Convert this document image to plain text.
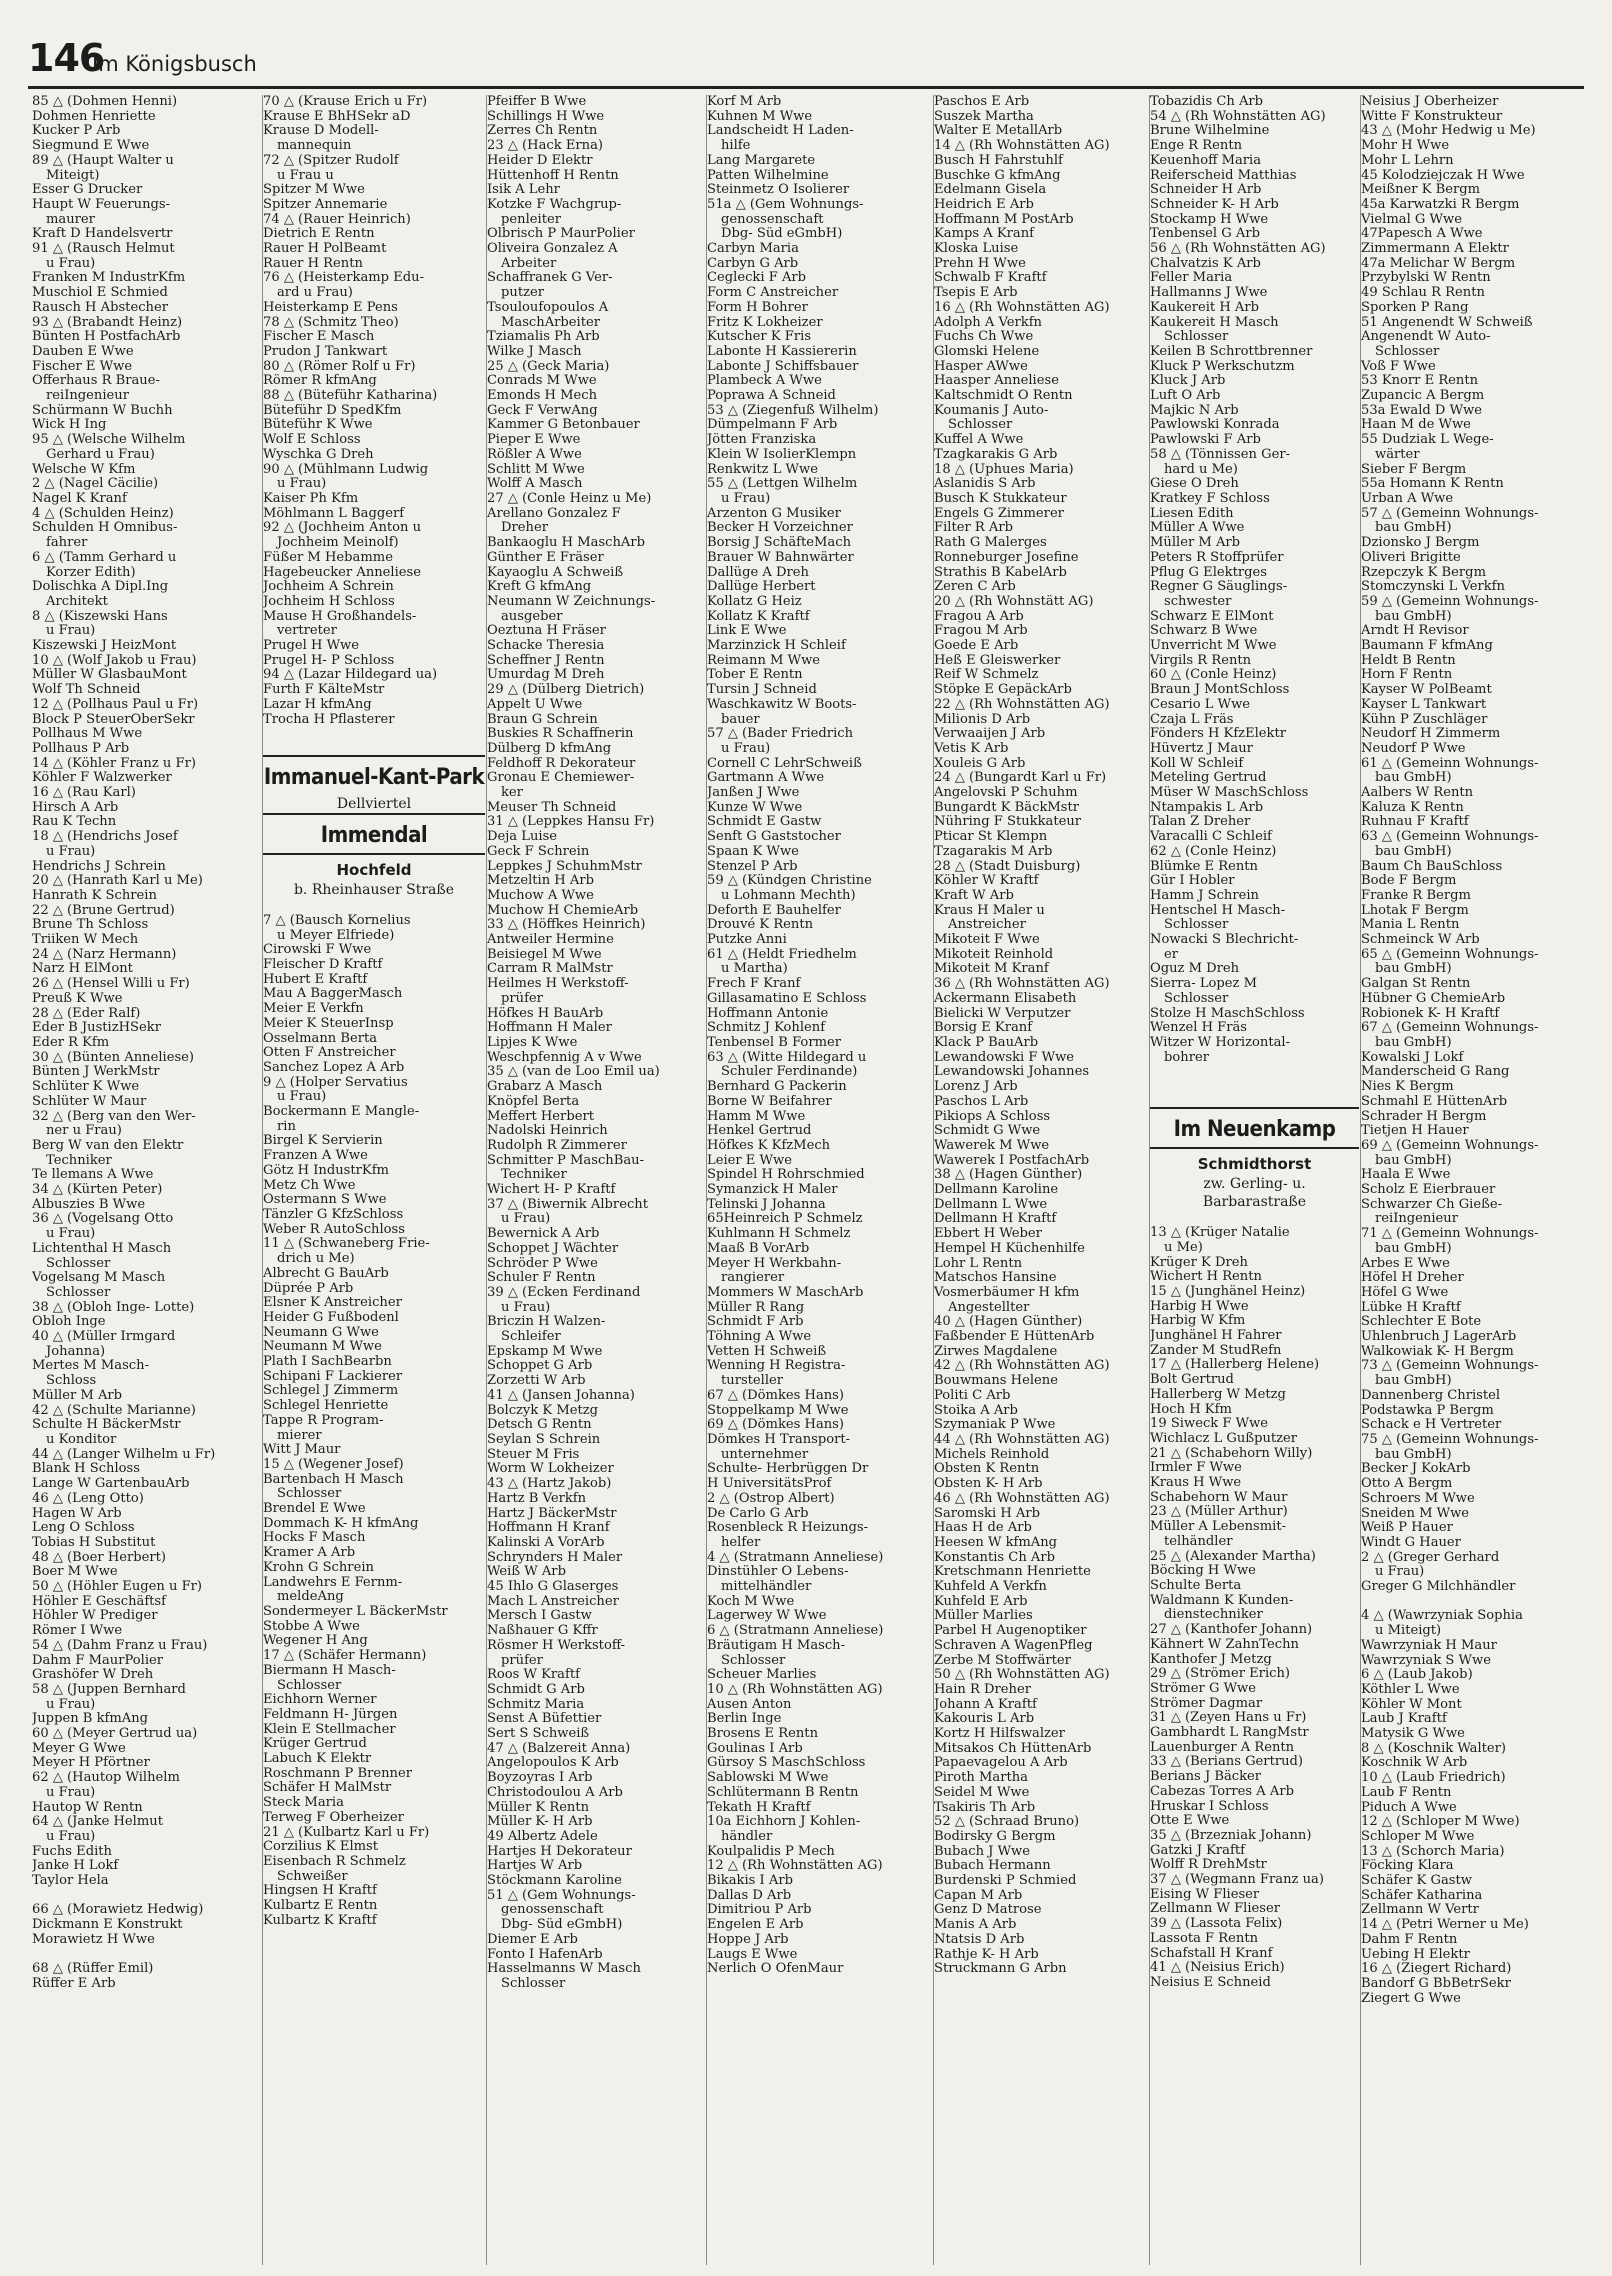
146
Im Königsbusch
85 △ (Dohmen Henni)
Dohmen Henriette
Kucker P Arb
Siegmund E Wwe
89 △ (Haupt Walter u
Miteigt)
Esser G Drucker
Haupt W Feuerungs-
maurer
Kraft D Handelsvertr
91 △ (Rausch Helmut
u Frau)
Franken M IndustrKfm
Muschiol E Schmied
Rausch H Abstecher
93 △ (Brabandt Heinz)
Bünten H PostfachArb
Dauben E Wwe
Fischer E Wwe
Offerhaus R Braue-
reiIngenieur
Schürmann W Buchh
Wick H Ing
95 △ (Welsche Wilhelm
Gerhard u Frau)
Welsche W Kfm
2 △ (Nagel Cäcilie)
Nagel K Kranf
4 △ (Schulden Heinz)
Schulden H Omnibus-
fahrer
6 △ (Tamm Gerhard u
Korzer Edith)
Dolischka A Dipl.Ing
Architekt
8 △ (Kiszewski Hans
u Frau)
Kiszewski J HeizMont
10 △ (Wolf Jakob u Frau)
Müller W GlasbauMont
Wolf Th Schneid
12 △ (Pollhaus Paul u Fr)
Block P SteuerOberSekr
Pollhaus M Wwe
Pollhaus P Arb
14 △ (Köhler Franz u Fr)
Köhler F Walzwerker
16 △ (Rau Karl)
Hirsch A Arb
Rau K Techn
18 △ (Hendrichs Josef
u Frau)
Hendrichs J Schrein
20 △ (Hanrath Karl u Me)
Hanrath K Schrein
22 △ (Brune Gertrud)
Brune Th Schloss
Triiken W Mech
24 △ (Narz Hermann)
Narz H ElMont
26 △ (Hensel Willi u Fr)
Preuß K Wwe
28 △ (Eder Ralf)
Eder B JustizHSekr
Eder R Kfm
30 △ (Bünten Anneliese)
Bünten J WerkMstr
Schlüter K Wwe
Schlüter W Maur
32 △ (Berg van den Wer-
ner u Frau)
Berg W van den Elektr
Techniker
Te llemans A Wwe
34 △ (Kürten Peter)
Albuszies B Wwe
36 △ (Vogelsang Otto
u Frau)
Lichtenthal H Masch
Schlosser
Vogelsang M Masch
Schlosser
38 △ (Obloh Inge- Lotte)
Obloh Inge
40 △ (Müller Irmgard
Johanna)
Mertes M Masch-
Schloss
Müller M Arb
42 △ (Schulte Marianne)
Schulte H BäckerMstr
u Konditor
44 △ (Langer Wilhelm u Fr)
Blank H Schloss
Lange W GartenbauArb
46 △ (Leng Otto)
Hagen W Arb
Leng O Schloss
Tobias H Substitut
48 △ (Boer Herbert)
Boer M Wwe
50 △ (Höhler Eugen u Fr)
Höhler E Geschäftsf
Höhler W Prediger
Römer I Wwe
54 △ (Dahm Franz u Frau)
Dahm F MaurPolier
Grashöfer W Dreh
58 △ (Juppen Bernhard
u Frau)
Juppen B kfmAng
60 △ (Meyer Gertrud ua)
Meyer G Wwe
Meyer H Pförtner
62 △ (Hautop Wilhelm
u Frau)
Hautop W Rentn
64 △ (Janke Helmut
u Frau)
Fuchs Edith
Janke H Lokf
Taylor Hela

66 △ (Morawietz Hedwig)
Dickmann E Konstrukt
Morawietz H Wwe

68 △ (Rüffer Emil)
Rüffer E Arb
70 △ (Krause Erich u Fr)
Krause E BhHSekr aD
Krause D Modell-
mannequin
72 △ (Spitzer Rudolf
u Frau u
Spitzer M Wwe
Spitzer Annemarie
74 △ (Rauer Heinrich)
Dietrich E Rentn
Rauer H PolBeamt
Rauer H Rentn
76 △ (Heisterkamp Edu-
ard u Frau)
Heisterkamp E Pens
78 △ (Schmitz Theo)
Fischer E Masch
Prudon J Tankwart
80 △ (Römer Rolf u Fr)
Römer R kfmAng
88 △ (Büteführ Katharina)
Büteführ D SpedKfm
Büteführ K Wwe
Wolf E Schloss
Wyschka G Dreh
90 △ (Mühlmann Ludwig
u Frau)
Kaiser Ph Kfm
Möhlmann L Baggerf
92 △ (Jochheim Anton u
Jochheim Meinolf)
Füßer M Hebamme
Hagebeucker Anneliese
Jochheim A Schrein
Jochheim H Schloss
Mause H Großhandels-
vertreter
Prugel H Wwe
Prugel H- P Schloss
94 △ (Lazar Hildegard ua)
Furth F KälteMstr
Lazar H kfmAng
Trocha H Pflasterer

Immanuel-Kant-Park
Dellviertel

Immendal

Hochfeld
b. Rheinhauser Straße

7 △ (Bausch Kornelius
u Meyer Elfriede)
Cirowski F Wwe
Fleischer D Kraftf
Hubert E Kraftf
Mau A BaggerMasch
Meier E Verkfn
Meier K SteuerInsp
Osselmann Berta
Otten F Anstreicher
Sanchez Lopez A Arb
9 △ (Holper Servatius
u Frau)
Bockermann E Mangle-
rin
Birgel K Servierin
Franzen A Wwe
Götz H IndustrKfm
Metz Ch Wwe
Ostermann S Wwe
Tänzler G KfzSchloss
Weber R AutoSchloss
11 △ (Schwaneberg Frie-
drich u Me)
Albrecht G BauArb
Düprée P Arb
Elsner K Anstreicher
Heider G Fußbodenl
Neumann G Wwe
Neumann M Wwe
Plath I SachBearbn
Schipani F Lackierer
Schlegel J Zimmerm
Schlegel Henriette
Tappe R Program-
mierer
Witt J Maur
15 △ (Wegener Josef)
Bartenbach H Masch
Schlosser
Brendel E Wwe
Dommach K- H kfmAng
Hocks F Masch
Kramer A Arb
Krohn G Schrein
Landwehrs E Fernm-
meldeAng
Sondermeyer L BäckerMstr
Stobbe A Wwe
Wegener H Ang
17 △ (Schäfer Hermann)
Biermann H Masch-
Schlosser
Eichhorn Werner
Feldmann H- Jürgen
Klein E Stellmacher
Krüger Gertrud
Labuch K Elektr
Roschmann P Brenner
Schäfer H MalMstr
Steck Maria
Terweg F Oberheizer
21 △ (Kulbartz Karl u Fr)
Corzilius K Elmst
Eisenbach R Schmelz
Schweißer
Hingsen H Kraftf
Kulbartz E Rentn
Kulbartz K Kraftf
Pfeiffer B Wwe
Schillings H Wwe
Zerres Ch Rentn
23 △ (Hack Erna)
Heider D Elektr
Hüttenhoff H Rentn
Isik A Lehr
Kotzke F Wachgrup-
penleiter
Olbrisch P MaurPolier
Oliveira Gonzalez A
Arbeiter
Schaffranek G Ver-
putzer
Tsouloufopoulos A
MaschArbeiter
Tziamalis Ph Arb
Wilke J Masch
25 △ (Geck Maria)
Conrads M Wwe
Emonds H Mech
Geck F VerwAng
Kammer G Betonbauer
Pieper E Wwe
Rößler A Wwe
Schlitt M Wwe
Wolff A Masch
27 △ (Conle Heinz u Me)
Arellano Gonzalez F
Dreher
Bankaoglu H MaschArb
Günther E Fräser
Kayaoglu A Schweiß
Kreft G kfmAng
Neumann W Zeichnungs-
ausgeber
Oeztuna H Fräser
Schacke Theresia
Scheffner J Rentn
Umurdag M Dreh
29 △ (Dülberg Dietrich)
Appelt U Wwe
Braun G Schrein
Buskies R Schaffnerin
Dülberg D kfmAng
Feldhoff R Dekorateur
Gronau E Chemiewer-
ker
Meuser Th Schneid
31 △ (Leppkes Hansu Fr)
Deja Luise
Geck F Schrein
Leppkes J SchuhmMstr
Metzeltin H Arb
Muchow A Wwe
Muchow H ChemieArb
33 △ (Höffkes Heinrich)
Antweiler Hermine
Beisiegel M Wwe
Carram R MalMstr
Heilmes H Werkstoff-
prüfer
Höfkes H BauArb
Hoffmann H Maler
Lipjes K Wwe
Weschpfennig A v Wwe
35 △ (van de Loo Emil ua)
Grabarz A Masch
Knöpfel Berta
Meffert Herbert
Nadolski Heinrich
Rudolph R Zimmerer
Schmitter P MaschBau-
Techniker
Wichert H- P Kraftf
37 △ (Biwernik Albrecht
u Frau)
Bewernick A Arb
Schoppet J Wächter
Schröder P Wwe
Schuler F Rentn
39 △ (Ecken Ferdinand
u Frau)
Briczin H Walzen-
Schleifer
Epskamp M Wwe
Schoppet G Arb
Zorzetti W Arb
41 △ (Jansen Johanna)
Bolczyk K Metzg
Detsch G Rentn
Seylan S Schrein
Steuer M Fris
Worm W Lokheizer
43 △ (Hartz Jakob)
Hartz B Verkfn
Hartz J BäckerMstr
Hoffmann H Kranf
Kalinski A VorArb
Schrynders H Maler
Weiß W Arb
45 Ihlo G Glaserges
Mach L Anstreicher
Mersch I Gastw
Naßhauer G Kffr
Rösmer H Werkstoff-
prüfer
Roos W Kraftf
Schmidt G Arb
Schmitz Maria
Senst A Büfettier
Sert S Schweiß
47 △ (Balzereit Anna)
Angelopoulos K Arb
Boyzoyras I Arb
Christodoulou A Arb
Müller K Rentn
Müller K- H Arb
49 Albertz Adele
Hartjes H Dekorateur
Hartjes W Arb
Stöckmann Karoline
51 △ (Gem Wohnungs-
genossenschaft
Dbg- Süd eGmbH)
Diemer E Arb
Fonto I HafenArb
Hasselmanns W Masch
Schlosser
Korf M Arb
Kuhnen M Wwe
Landscheidt H Laden-
hilfe
Lang Margarete
Patten Wilhelmine
Steinmetz O Isolierer
51a △ (Gem Wohnungs-
genossenschaft
Dbg- Süd eGmbH)
Carbyn Maria
Carbyn G Arb
Ceglecki F Arb
Form C Anstreicher
Form H Bohrer
Fritz K Lokheizer
Kutscher K Fris
Labonte H Kassiererin
Labonte J Schiffsbauer
Plambeck A Wwe
Poprawa A Schneid
53 △ (Ziegenfuß Wilhelm)
Dümpelmann F Arb
Jötten Franziska
Klein W IsolierKlempn
Renkwitz L Wwe
55 △ (Lettgen Wilhelm
u Frau)
Arzenton G Musiker
Becker H Vorzeichner
Borsig J SchäfteMach
Brauer W Bahnwärter
Dallüge A Dreh
Dallüge Herbert
Kollatz G Heiz
Kollatz K Kraftf
Link E Wwe
Marzinzick H Schleif
Reimann M Wwe
Tober E Rentn
Tursin J Schneid
Waschkawitz W Boots-
bauer
57 △ (Bader Friedrich
u Frau)
Cornell C LehrSchweiß
Gartmann A Wwe
Janßen J Wwe
Kunze W Wwe
Schmidt E Gastw
Senft G Gaststocher
Spaan K Wwe
Stenzel P Arb
59 △ (Kündgen Christine
u Lohmann Mechth)
Deforth E Bauhelfer
Drouvé K Rentn
Putzke Anni
61 △ (Heldt Friedhelm
u Martha)
Frech F Kranf
Gillasamatino E Schloss
Hoffmann Antonie
Schmitz J Kohlenf
Tenbensel B Former
63 △ (Witte Hildegard u
Schuler Ferdinande)
Bernhard G Packerin
Borne W Beifahrer
Hamm M Wwe
Henkel Gertrud
Höfkes K KfzMech
Leier E Wwe
Spindel H Rohrschmied
Symanzick H Maler
Telinski J Johanna
65Heinreich P Schmelz
Kuhlmann H Schmelz
Maaß B VorArb
Meyer H Werkbahn-
rangierer
Mommers W MaschArb
Müller R Rang
Schmidt F Arb
Töhning A Wwe
Vetten H Schweiß
Wenning H Registra-
tursteller
67 △ (Dömkes Hans)
Stoppelkamp M Wwe
69 △ (Dömkes Hans)
Dömkes H Transport-
unternehmer
Schulte- Herbrüggen Dr
H UniversitätsProf
2 △ (Ostrop Albert)
De Carlo G Arb
Rosenbleck R Heizungs-
helfer
4 △ (Stratmann Anneliese)
Dinstühler O Lebens-
mittelhändler
Koch M Wwe
Lagerwey W Wwe
6 △ (Stratmann Anneliese)
Bräutigam H Masch-
Schlosser
Scheuer Marlies
10 △ (Rh Wohnstätten AG)
Ausen Anton
Berlin Inge
Brosens E Rentn
Goulinas I Arb
Gürsoy S MaschSchloss
Sablowski M Wwe
Schlütermann B Rentn
Tekath H Kraftf
10a Eichhorn J Kohlen-
händler
Koulpalidis P Mech
12 △ (Rh Wohnstätten AG)
Bikakis I Arb
Dallas D Arb
Dimitriou P Arb
Engelen E Arb
Hoppe J Arb
Laugs E Wwe
Nerlich O OfenMaur
Paschos E Arb
Suszek Martha
Walter E MetallArb
14 △ (Rh Wohnstätten AG)
Busch H Fahrstuhlf
Buschke G kfmAng
Edelmann Gisela
Heidrich E Arb
Hoffmann M PostArb
Kamps A Kranf
Kloska Luise
Prehn H Wwe
Schwalb F Kraftf
Tsepis E Arb
16 △ (Rh Wohnstätten AG)
Adolph A Verkfn
Fuchs Ch Wwe
Glomski Helene
Hasper AWwe
Haasper Anneliese
Kaltschmidt O Rentn
Koumanis J Auto-
Schlosser
Kuffel A Wwe
Tzagkarakis G Arb
18 △ (Uphues Maria)
Aslanidis S Arb
Busch K Stukkateur
Engels G Zimmerer
Filter R Arb
Rath G Malerges
Ronneburger Josefine
Strathis B KabelArb
Zeren C Arb
20 △ (Rh Wohnstätt AG)
Fragou A Arb
Fragou M Arb
Goede E Arb
Heß E Gleiswerker
Reif W Schmelz
Stöpke E GepäckArb
22 △ (Rh Wohnstätten AG)
Milionis D Arb
Verwaaijen J Arb
Vetis K Arb
Xouleis G Arb
24 △ (Bungardt Karl u Fr)
Angelovski P Schuhm
Bungardt K BäckMstr
Nühring F Stukkateur
Pticar St Klempn
Tzagarakis M Arb
28 △ (Stadt Duisburg)
Köhler W Kraftf
Kraft W Arb
Kraus H Maler u
Anstreicher
Mikoteit F Wwe
Mikoteit Reinhold
Mikoteit M Kranf
36 △ (Rh Wohnstätten AG)
Ackermann Elisabeth
Bielicki W Verputzer
Borsig E Kranf
Klack P BauArb
Lewandowski F Wwe
Lewandowski Johannes
Lorenz J Arb
Paschos L Arb
Pikiops A Schloss
Schmidt G Wwe
Wawerek M Wwe
Wawerek I PostfachArb
38 △ (Hagen Günther)
Dellmann Karoline
Dellmann L Wwe
Dellmann H Kraftf
Ebbert H Weber
Hempel H Küchenhilfe
Lohr L Rentn
Matschos Hansine
Vosmerbäumer H kfm
Angestellter
40 △ (Hagen Günther)
Faßbender E HüttenArb
Zirwes Magdalene
42 △ (Rh Wohnstätten AG)
Bouwmans Helene
Politi C Arb
Stoika A Arb
Szymaniak P Wwe
44 △ (Rh Wohnstätten AG)
Michels Reinhold
Obsten K Rentn
Obsten K- H Arb
46 △ (Rh Wohnstätten AG)
Saromski H Arb
Haas H de Arb
Heesen W kfmAng
Konstantis Ch Arb
Kretschmann Henriette
Kuhfeld A Verkfn
Kuhfeld E Arb
Müller Marlies
Parbel H Augenoptiker
Schraven A WagenPfleg
Zerbe M Stoffwärter
50 △ (Rh Wohnstätten AG)
Hain R Dreher
Johann A Kraftf
Kakouris L Arb
Kortz H Hilfswalzer
Mitsakos Ch HüttenArb
Papaevagelou A Arb
Piroth Martha
Seidel M Wwe
Tsakiris Th Arb
52 △ (Schraad Bruno)
Bodirsky G Bergm
Bubach J Wwe
Bubach Hermann
Burdenski P Schmied
Capan M Arb
Genz D Matrose
Manis A Arb
Ntatsis D Arb
Rathje K- H Arb
Struckmann G Arbn
Tobazidis Ch Arb
54 △ (Rh Wohnstätten AG)
Brune Wilhelmine
Enge R Rentn
Keuenhoff Maria
Reiferscheid Matthias
Schneider H Arb
Schneider K- H Arb
Stockamp H Wwe
Tenbensel G Arb
56 △ (Rh Wohnstätten AG)
Chalvatzis K Arb
Feller Maria
Hallmanns J Wwe
Kaukereit H Arb
Kaukereit H Masch
Schlosser
Keilen B Schrottbrenner
Kluck P Werkschutzm
Kluck J Arb
Luft O Arb
Majkic N Arb
Pawlowski Konrada
Pawlowski F Arb
58 △ (Tönnissen Ger-
hard u Me)
Giese O Dreh
Kratkey F Schloss
Liesen Edith
Müller A Wwe
Müller M Arb
Peters R Stoffprüfer
Pflug G Elektrges
Regner G Säuglings-
schwester
Schwarz E ElMont
Schwarz B Wwe
Unverricht M Wwe
Virgils R Rentn
60 △ (Conle Heinz)
Braun J MontSchloss
Cesario L Wwe
Czaja L Fräs
Fönders H KfzElektr
Hüvertz J Maur
Koll W Schleif
Meteling Gertrud
Müser W MaschSchloss
Ntampakis L Arb
Talan Z Dreher
Varacalli C Schleif
62 △ (Conle Heinz)
Blümke E Rentn
Gür I Hobler
Hamm J Schrein
Hentschel H Masch-
Schlosser
Nowacki S Blechricht-
er
Oguz M Dreh
Sierra- Lopez M
Schlosser
Stolze H MaschSchloss
Wenzel H Fräs
Witzer W Horizontal-
bohrer

Im Neuenkamp

Schmidthorst
zw. Gerling- u.
Barbarastraße

13 △ (Krüger Natalie
u Me)
Krüger K Dreh
Wichert H Rentn
15 △ (Junghänel Heinz)
Harbig H Wwe
Harbig W Kfm
Junghänel H Fahrer
Zander M StudRefn
17 △ (Hallerberg Helene)
Bolt Gertrud
Hallerberg W Metzg
Hoch H Kfm
19 Siweck F Wwe
Wichlacz L Gußputzer
21 △ (Schabehorn Willy)
Irmler F Wwe
Kraus H Wwe
Schabehorn W Maur
23 △ (Müller Arthur)
Müller A Lebensmit-
telhändler
25 △ (Alexander Martha)
Böcking H Wwe
Schulte Berta
Waldmann K Kunden-
dienstechniker
27 △ (Kanthofer Johann)
Kähnert W ZahnTechn
Kanthofer J Metzg
29 △ (Strömer Erich)
Strömer G Wwe
Strömer Dagmar
31 △ (Zeyen Hans u Fr)
Gambhardt L RangMstr
Lauenburger A Rentn
33 △ (Berians Gertrud)
Berians J Bäcker
Cabezas Torres A Arb
Hruskar I Schloss
Otte E Wwe
35 △ (Brzezniak Johann)
Gatzki J Kraftf
Wolff R DrehMstr
37 △ (Wegmann Franz ua)
Eising W Flieser
Zellmann W Flieser
39 △ (Lassota Felix)
Lassota F Rentn
Schafstall H Kranf
41 △ (Neisius Erich)
Neisius E Schneid
Neisius J Oberheizer
Witte F Konstrukteur
43 △ (Mohr Hedwig u Me)
Mohr H Wwe
Mohr L Lehrn
45 Kolodziejczak H Wwe
Meißner K Bergm
45a Karwatzki R Bergm
Vielmal G Wwe
47Papesch A Wwe
Zimmermann A Elektr
47a Melichar W Bergm
Przybylski W Rentn
49 Schlau R Rentn
Sporken P Rang
51 Angenendt W Schweiß
Angenendt W Auto-
Schlosser
Voß F Wwe
53 Knorr E Rentn
Zupancic A Bergm
53a Ewald D Wwe
Haan M de Wwe
55 Dudziak L Wege-
wärter
Sieber F Bergm
55a Homann K Rentn
Urban A Wwe
57 △ (Gemeinn Wohnungs-
bau GmbH)
Dzionsko J Bergm
Oliveri Brigitte
Rzepczyk K Bergm
Stomczynski L Verkfn
59 △ (Gemeinn Wohnungs-
bau GmbH)
Arndt H Revisor
Baumann F kfmAng
Heldt B Rentn
Horn F Rentn
Kayser W PolBeamt
Kayser L Tankwart
Kühn P Zuschläger
Neudorf H Zimmerm
Neudorf P Wwe
61 △ (Gemeinn Wohnungs-
bau GmbH)
Aalbers W Rentn
Kaluza K Rentn
Ruhnau F Kraftf
63 △ (Gemeinn Wohnungs-
bau GmbH)
Baum Ch BauSchloss
Bode F Bergm
Franke R Bergm
Lhotak F Bergm
Mania L Rentn
Schmeinck W Arb
65 △ (Gemeinn Wohnungs-
bau GmbH)
Galgan St Rentn
Hübner G ChemieArb
Robionek K- H Kraftf
67 △ (Gemeinn Wohnungs-
bau GmbH)
Kowalski J Lokf
Manderscheid G Rang
Nies K Bergm
Schmahl E HüttenArb
Schrader H Bergm
Tietjen H Hauer
69 △ (Gemeinn Wohnungs-
bau GmbH)
Haala E Wwe
Scholz E Eierbrauer
Schwarzer Ch Gieße-
reiIngenieur
71 △ (Gemeinn Wohnungs-
bau GmbH)
Arbes E Wwe
Höfel H Dreher
Höfel G Wwe
Lübke H Kraftf
Schlechter E Bote
Uhlenbruch J LagerArb
Walkowiak K- H Bergm
73 △ (Gemeinn Wohnungs-
bau GmbH)
Dannenberg Christel
Podstawka P Bergm
Schack e H Vertreter
75 △ (Gemeinn Wohnungs-
bau GmbH)
Becker J KokArb
Otto A Bergm
Schroers M Wwe
Sneiden M Wwe
Weiß P Hauer
Windt G Hauer
2 △ (Greger Gerhard
u Frau)
Greger G Milchhändler

4 △ (Wawrzyniak Sophia
u Miteigt)
Wawrzyniak H Maur
Wawrzyniak S Wwe
6 △ (Laub Jakob)
Köthler L Wwe
Köhler W Mont
Laub J Kraftf
Matysik G Wwe
8 △ (Koschnik Walter)
Koschnik W Arb
10 △ (Laub Friedrich)
Laub F Rentn
Piduch A Wwe
12 △ (Schloper M Wwe)
Schloper M Wwe
13 △ (Schorch Maria)
Föcking Klara
Schäfer K Gastw
Schäfer Katharina
Zellmann W Vertr
14 △ (Petri Werner u Me)
Dahm F Rentn
Uebing H Elektr
16 △ (Ziegert Richard)
Bandorf G BbBetrSekr
Ziegert G Wwe
